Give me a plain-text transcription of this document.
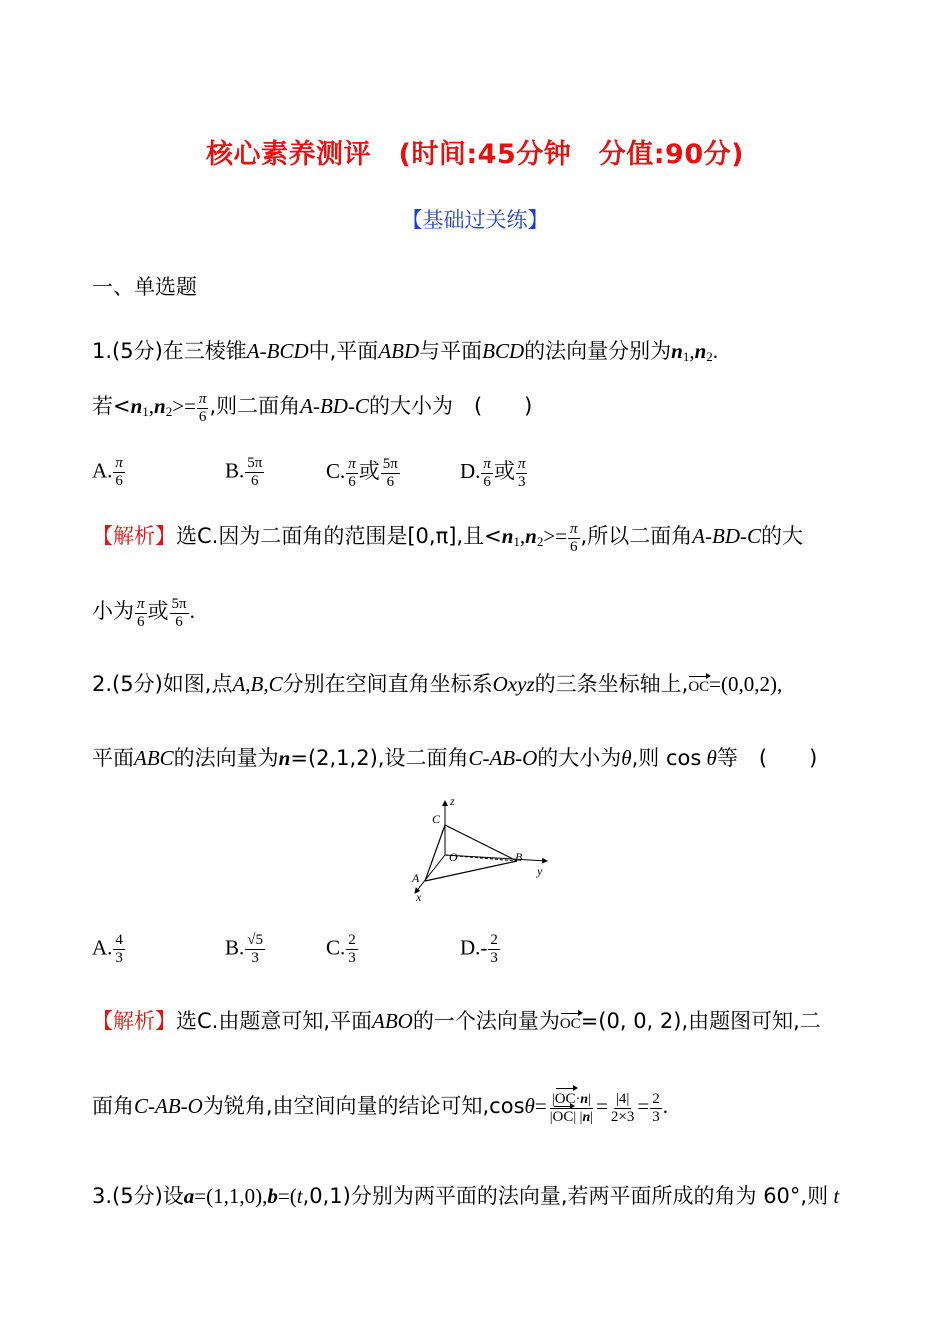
核心素养测评　(时间:45分钟　分值:90分)
【基础过关练】
一、单选题
1.(5分)在三棱锥A-BCD中,平面ABD与平面BCD的法向量分别为$n_1,n_2$.
若$<n_1,n_2>= \frac{\pi}{6}$ ,则二面角A-BD-C的大小为　(　　)
A. $\frac{\pi}{6}$	B. $\frac{5\pi}{6}$	C. $\frac{\pi}{6}$ 或 $\frac{5\pi}{6}$	D. $\frac{\pi}{6}$ 或 $\frac{\pi}{3}$
【解析】选C.因为二面角的范围是[0,π],且$<n_1,n_2>= \frac{\pi}{6}$ ,所以二面角A-BD-C的大
小为 $\frac{\pi}{6}$ 或 $\frac{5\pi}{6}$ .
2.(5分)如图,点A,B,C分别在空间直角坐标系Oxyz的三条坐标轴上,OC=(0,0,2),
平面ABC的法向量为n=(2,1,2),设二面角C-AB-O的大小为θ,则 cos θ等　(　　)
z
y
x
C
O	B
A
A. $\frac{4}{3}$	B. $\frac{√5}{3}$	C. $\frac{2}{3}$	$D.- \frac{2}{3}$
【解析】选C.由题意可知,平面ABO的一个法向量为OC=(0, 0, 2),由题图可知,二
面角C-AB-O为锐角,由空间向量的结论可知$,\cos\theta= \frac{|OC\cdot n|}{|OC| |n|} = \frac{|4|}{2\times 3} = \frac{2}{3}$ .
3.(5分)设a=(1,1,0),b=(t,0,1)分别为两平面的法向量,若两平面所成的角为 60°,则 t
